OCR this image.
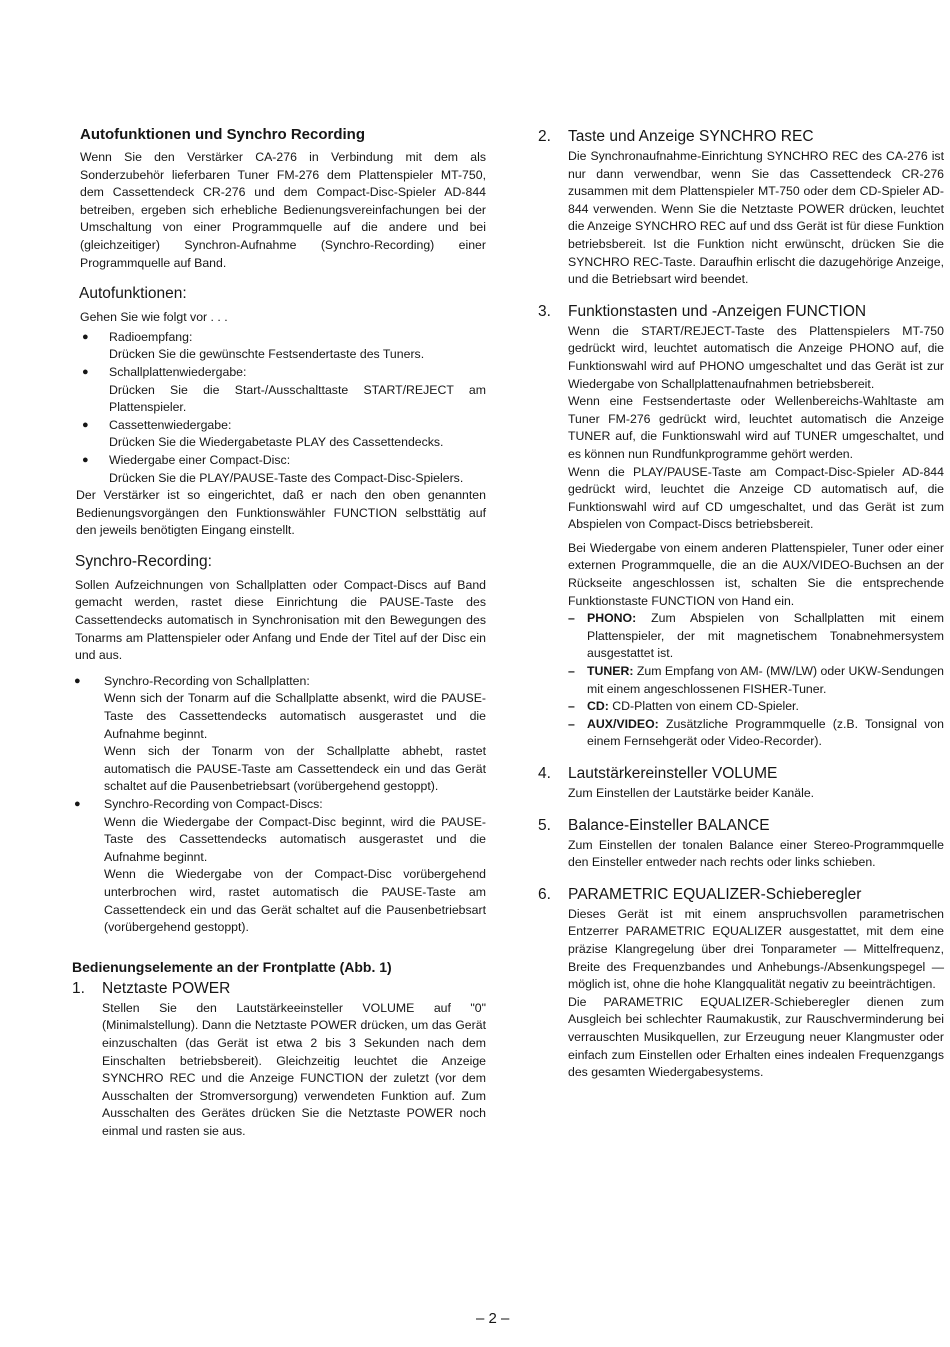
Autofunktionen und Synchro Recording

Wenn Sie den Verstärker CA-276 in Verbindung mit dem als Sonderzubehör lieferbaren Tuner FM-276 dem Plattenspieler MT-750, dem Cassettendeck CR-276 und dem Compact-Disc-Spieler AD-844 betreiben, ergeben sich erhebliche Bedienungsvereinfachungen bei der Umschaltung von einer Programmquelle auf die andere und bei (gleichzeitiger) Synchron-Aufnahme (Synchro-Recording) einer Programmquelle auf Band.

Autofunktionen:

Gehen Sie wie folgt vor . . .

●	Radioempfang:
Drücken Sie die gewünschte Festsendertaste des Tuners.
●	Schallplattenwiedergabe:
Drücken Sie die Start-/Ausschalttaste START/REJECT am Plattenspieler.
●	Cassettenwiedergabe:
Drücken Sie die Wiedergabetaste PLAY des Cassettendecks.
●	Wiedergabe einer Compact-Disc:
Drücken Sie die PLAY/PAUSE-Taste des Compact-Disc-Spielers.

Der Verstärker ist so eingerichtet, daß er nach den oben genannten Bedienungsvorgängen den Funktionswähler FUNCTION selbsttätig auf den jeweils benötigten Eingang einstellt.

Synchro-Recording:

Sollen Aufzeichnungen von Schallplatten oder Compact-Discs auf Band gemacht werden, rastet diese Einrichtung die PAUSE-Taste des Cassettendecks automatisch in Synchronisation mit den Bewegungen des Tonarms am Plattenspieler oder Anfang und Ende der Titel auf der Disc ein und aus.

●	Synchro-Recording von Schallplatten:
Wenn sich der Tonarm auf die Schallplatte absenkt, wird die PAUSE-Taste des Cassettendecks automatisch ausgerastet und die Aufnahme beginnt.
Wenn sich der Tonarm von der Schallplatte abhebt, rastet automatisch die PAUSE-Taste am Cassettendeck ein und das Gerät schaltet auf die Pausenbetriebsart (vorübergehend gestoppt).
●	Synchro-Recording von Compact-Discs:
Wenn die Wiedergabe der Compact-Disc beginnt, wird die PAUSE-Taste des Cassettendecks automatisch ausgerastet und die Aufnahme beginnt.
Wenn die Wiedergabe von der Compact-Disc vorübergehend unterbrochen wird, rastet automatisch die PAUSE-Taste am Cassettendeck ein und das Gerät schaltet auf die Pausenbetriebsart (vorübergehend gestoppt).

Bedienungselemente an der Frontplatte (Abb. 1)

1.	Netztaste POWER

Stellen Sie den Lautstärkeeinsteller VOLUME auf "0" (Minimalstellung). Dann die Netztaste POWER drücken, um das Gerät einzuschalten (das Gerät ist etwa 2 bis 3 Sekunden nach dem Einschalten betriebsbereit). Gleichzeitig leuchtet die Anzeige SYNCHRO REC und die Anzeige FUNCTION der zuletzt (vor dem Ausschalten der Stromversorgung) verwendeten Funktion auf. Zum Ausschalten des Gerätes drücken Sie die Netztaste POWER noch einmal und rasten sie aus.

2.	Taste und Anzeige SYNCHRO REC

Die Synchronaufnahme-Einrichtung SYNCHRO REC des CA-276 ist nur dann verwendbar, wenn Sie das Cassettendeck CR-276 zusammen mit dem Plattenspieler MT-750 oder dem CD-Spieler AD-844 verwenden. Wenn Sie die Netztaste POWER drücken, leuchtet die Anzeige SYNCHRO REC auf und dss Gerät ist für diese Funktion betriebsbereit. Ist die Funktion nicht erwünscht, drücken Sie die SYNCHRO REC-Taste. Daraufhin erlischt die dazugehörige Anzeige, und die Betriebsart wird beendet.

3.	Funktionstasten und -Anzeigen FUNCTION

Wenn die START/REJECT-Taste des Plattenspielers MT-750 gedrückt wird, leuchtet automatisch die Anzeige PHONO auf, die Funktionswahl wird auf PHONO umgeschaltet und das Gerät ist zur Wiedergabe von Schallplattenaufnahmen betriebsbereit.

Wenn eine Festsendertaste oder Wellenbereichs-Wahltaste am Tuner FM-276 gedrückt wird, leuchtet automatisch die Anzeige TUNER auf, die Funktionswahl wird auf TUNER umgeschaltet, und es können nun Rundfunkprogramme gehört werden.

Wenn die PLAY/PAUSE-Taste am Compact-Disc-Spieler AD-844 gedrückt wird, leuchtet die Anzeige CD automatisch auf, die Funktionswahl wird auf CD umgeschaltet, und das Gerät ist zum Abspielen von Compact-Discs betriebsbereit.

Bei Wiedergabe von einem anderen Plattenspieler, Tuner oder einer externen Programmquelle, die an die AUX/VIDEO-Buchsen an der Rückseite angeschlossen ist, schalten Sie die entsprechende Funktionstaste FUNCTION von Hand ein.

– PHONO: Zum Abspielen von Schallplatten mit einem Plattenspieler, der mit magnetischem Tonabnehmersystem ausgestattet ist.
– TUNER: Zum Empfang von AM- (MW/LW) oder UKW-Sendungen mit einem angeschlossenen FISHER-Tuner.
– CD: CD-Platten von einem CD-Spieler.
– AUX/VIDEO: Zusätzliche Programmquelle (z.B. Tonsignal von einem Fernsehgerät oder Video-Recorder).
4.	Lautstärkereinsteller VOLUME

Zum Einstellen der Lautstärke beider Kanäle.

5.	Balance-Einsteller BALANCE

Zum Einstellen der tonalen Balance einer Stereo-Programmquelle den Einsteller entweder nach rechts oder links schieben.

6.	PARAMETRIC EQUALIZER-Schieberegler

Dieses Gerät ist mit einem anspruchsvollen parametrischen Entzerrer PARAMETRIC EQUALIZER ausgestattet, mit dem eine präzise Klangregelung über drei Tonparameter — Mittelfrequenz, Breite des Frequenzbandes und Anhebungs-/Absenkungspegel — möglich ist, ohne die hohe Klangqualität negativ zu beeinträchtigen.

Die PARAMETRIC EQUALIZER-Schieberegler dienen zum Ausgleich bei schlechter Raumakustik, zur Rauschverminderung bei verrauschten Musikquellen, zur Erzeugung neuer Klangmuster oder einfach zum Einstellen oder Erhalten eines indealen Frequenzgangs des gesamten Wiedergabesystems.

– 2 –
